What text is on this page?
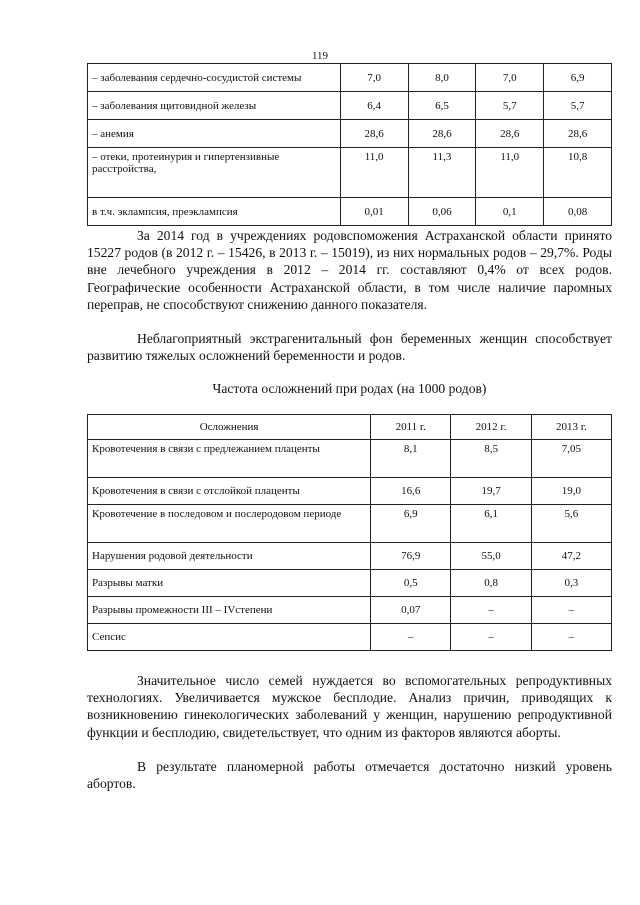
119
– заболевания сердечно-сосудистой системы	7,0	8,0	7,0	6,9
– заболевания щитовидной железы	6,4	6,5	5,7	5,7
– анемия	28,6	28,6	28,6	28,6
– отеки, протеинурия и гипертензивные расстройства,	11,0	11,3	11,0	10,8
в т.ч. эклампсия, преэклампсия	0,01	0,06	0,1	0,08

За 2014 год в учреждениях родовспоможения Астраханской области принято 15227 родов (в 2012 г. – 15426, в 2013 г. – 15019), из них нормальных родов – 29,7%. Роды вне лечебного учреждения в 2012 – 2014 гг. составляют 0,4% от всех родов. Географические особенности Астраханской области, в том числе наличие паромных переправ, не способствуют снижению данного показателя.

Неблагоприятный экстрагенитальный фон беременных женщин способствует развитию тяжелых осложнений беременности и родов.

Частота осложнений при родах (на 1000 родов)
Осложнения	2011 г.	2012 г.	2013 г.
Кровотечения в связи с предлежанием плаценты	8,1	8,5	7,05
Кровотечения в связи с отслойкой плаценты	16,6	19,7	19,0
Кровотечение в последовом и послеродовом периоде	6,9	6,1	5,6
Нарушения родовой деятельности	76,9	55,0	47,2
Разрывы матки	0,5	0,8	0,3
Разрывы промежности III – IVстепени	0,07	–	–
Сепсис	–	–	–

Значительное число семей нуждается во вспомогательных репродуктивных технологиях. Увеличивается мужское бесплодие. Анализ причин, приводящих к возникновению гинекологических заболеваний у женщин, нарушению репродуктивной функции и бесплодию, свидетельствует, что одним из факторов являются аборты.

В результате планомерной работы отмечается достаточно низкий уровень абортов.
